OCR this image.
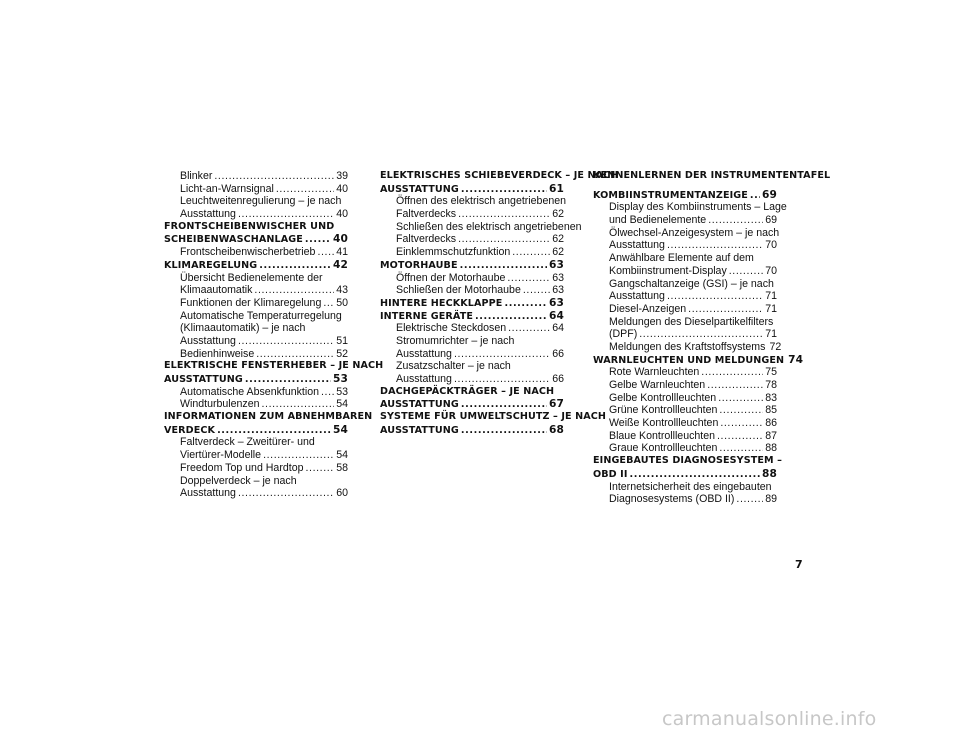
Blinker .....	39
Licht-an-Warnsignal .....	40
Leuchtweitenregulierung – je nach
Ausstattung .....	40
FRONTSCHEIBENWISCHER UND
SCHEIBENWASCHANLAGE .....	40
Frontscheibenwischerbetrieb ..... 41
KLIMAREGELUNG .....	42
Übersicht Bedienelemente der
Klimaautomatik .....	43
Funktionen der Klimaregelung ..... 50
Automatische Temperaturregelung
(Klimaautomatik) – je nach
Ausstattung .....	51
Bedienhinweise .....	52
ELEKTRISCHE FENSTERHEBER – JE NACH
AUSSTATTUNG .....	53
Automatische Absenkfunktion ..... 53
Windturbulenzen .....	54
INFORMATIONEN ZUM ABNEHMBAREN
VERDECK .....	54
Faltverdeck – Zweitürer- und
Viertürer-Modelle .....	54
Freedom Top und Hardtop .....	58
Doppelverdeck – je nach
Ausstattung .....	60
ELEKTRISCHES SCHIEBEVERDECK – JE NACH
AUSSTATTUNG .....	61
Öffnen des elektrisch angetriebenen
Faltverdecks .....	62
Schließen des elektrisch angetriebenen
Faltverdecks .....	62
Einklemmschutzfunktion .....	62
MOTORHAUBE .....	63
Öffnen der Motorhaube .....	63
Schließen der Motorhaube .....	63
HINTERE HECKKLAPPE .....	63
INTERNE GERÄTE .....	64
Elektrische Steckdosen .....	64
Stromumrichter – je nach
Ausstattung .....	66
Zusatzschalter – je nach
Ausstattung .....	66
DACHGEPÄCKTRÄGER – JE NACH
AUSSTATTUNG .....	67
SYSTEME FÜR UMWELTSCHUTZ – JE NACH
AUSSTATTUNG .....	68
KENNENLERNEN DER INSTRUMENTENTAFEL
KOMBIINSTRUMENTANZEIGE ..... 69
Display des Kombiinstruments – Lage
und Bedienelemente .....	69
Ölwechsel-Anzeigesystem – je nach
Ausstattung .....	70
Anwählbare Elemente auf dem
Kombiinstrument-Display .....	70
Gangschaltanzeige (GSI) – je nach
Ausstattung .....	71
Diesel-Anzeigen .....	71
Meldungen des Dieselpartikelfilters
(DPF) .....	71
Meldungen des Kraftstoffsystems 72
WARNLEUCHTEN UND MELDUNGEN 74
Rote Warnleuchten .....	75
Gelbe Warnleuchten .....	78
Gelbe Kontrollleuchten .....	83
Grüne Kontrollleuchten .....	85
Weiße Kontrollleuchten .....	86
Blaue Kontrollleuchten .....	87
Graue Kontrollleuchten .....	88
EINGEBAUTES DIAGNOSESYSTEM –
OBD II .....	88
Internetsicherheit des eingebauten
Diagnosesystems (OBD II) .....	89
7
carmanualsonline.info
